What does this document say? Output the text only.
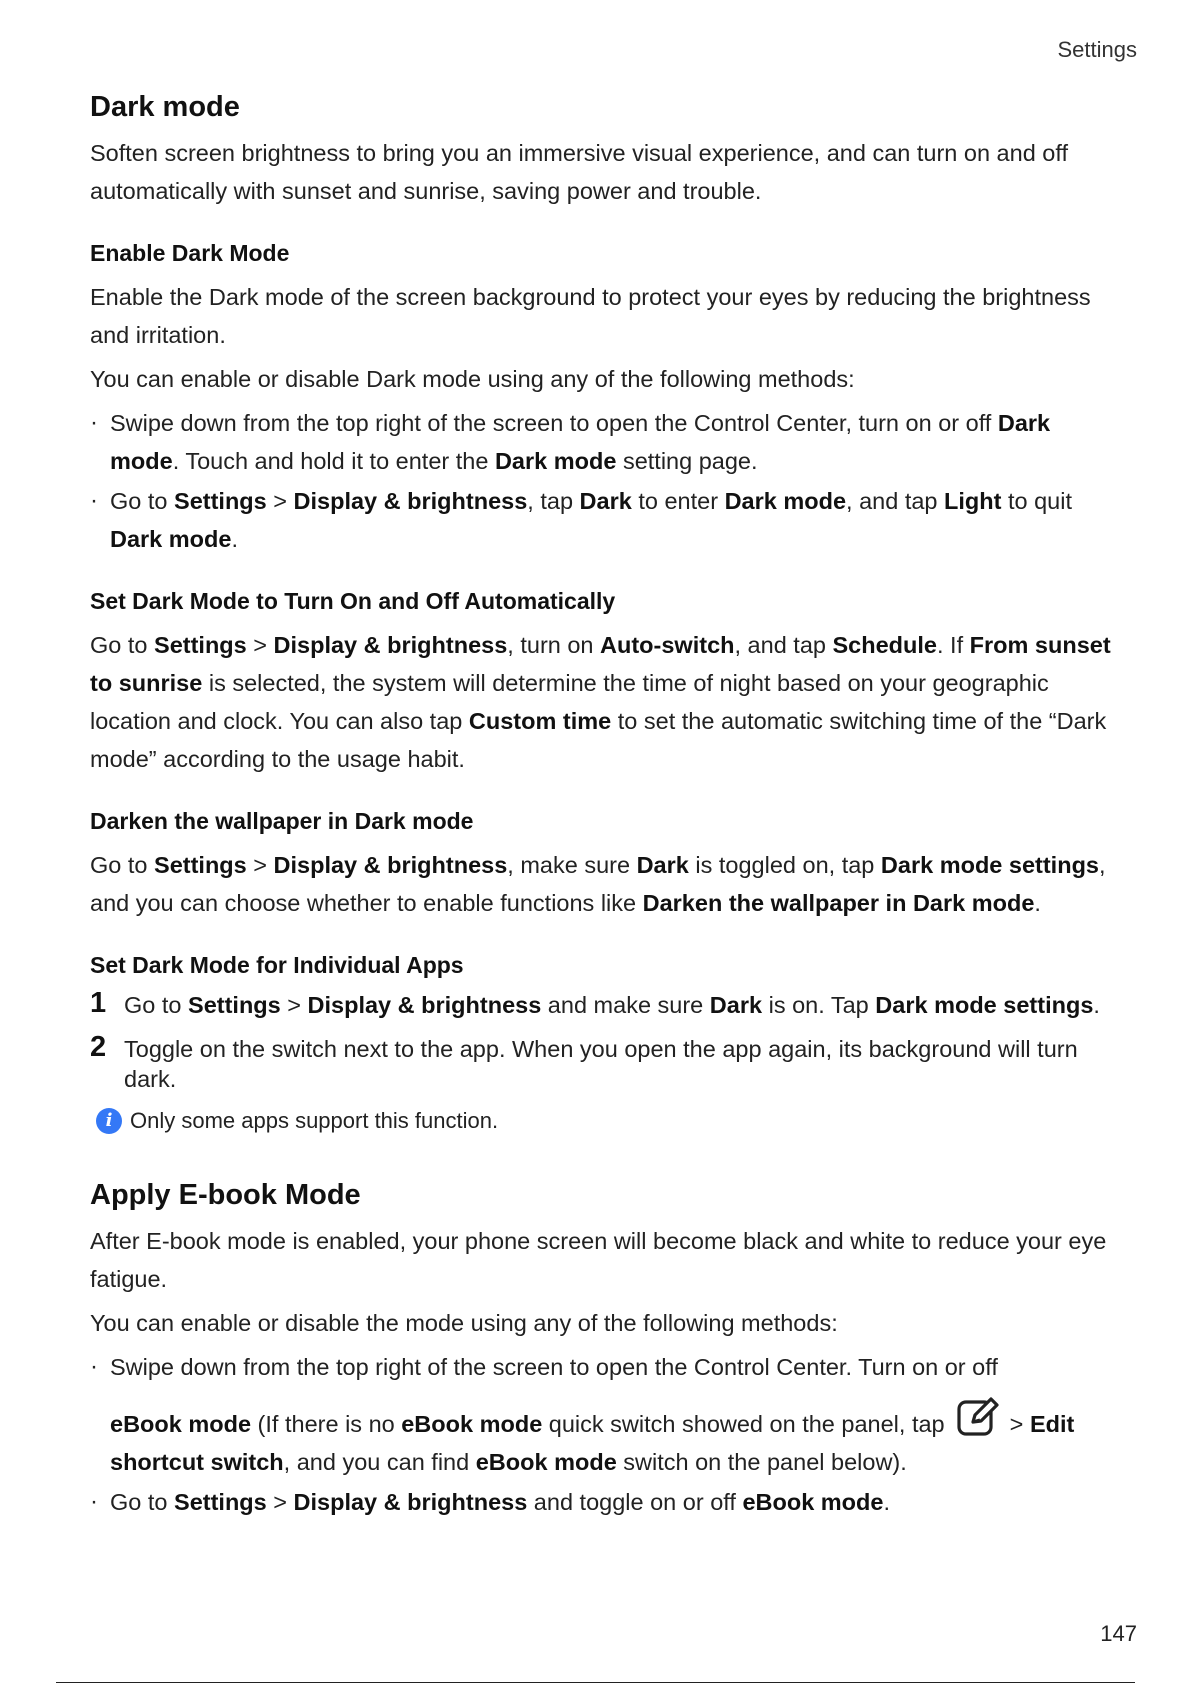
Settings
Dark mode

Soften screen brightness to bring you an immersive visual experience, and can turn on and off automatically with sunset and sunrise, saving power and trouble.

Enable Dark Mode

Enable the Dark mode of the screen background to protect your eyes by reducing the brightness and irritation.

You can enable or disable Dark mode using any of the following methods:

· Swipe down from the top right of the screen to open the Control Center, turn on or off Dark mode. Touch and hold it to enter the Dark mode setting page.
· Go to Settings > Display & brightness, tap Dark to enter Dark mode, and tap Light to quit Dark mode.
Set Dark Mode to Turn On and Off Automatically

Go to Settings > Display & brightness, turn on Auto-switch, and tap Schedule. If From sunset to sunrise is selected, the system will determine the time of night based on your geographic location and clock. You can also tap Custom time to set the automatic switching time of the “Dark mode” according to the usage habit.

Darken the wallpaper in Dark mode

Go to Settings > Display & brightness, make sure Dark is toggled on, tap Dark mode settings, and you can choose whether to enable functions like Darken the wallpaper in Dark mode.

Set Dark Mode for Individual Apps
1 Go to Settings > Display & brightness and make sure Dark is on. Tap Dark mode settings.
2 Toggle on the switch next to the app. When you open the app again, its background will turn dark.
i Only some apps support this function.
Apply E-book Mode

After E-book mode is enabled, your phone screen will become black and white to reduce your eye fatigue.

You can enable or disable the mode using any of the following methods:

· Swipe down from the top right of the screen to open the Control Center. Turn on or off
eBook mode (If there is no eBook mode quick switch showed on the panel, tap  > Edit shortcut switch, and you can find eBook mode switch on the panel below).
· Go to Settings > Display & brightness and toggle on or off eBook mode.
147
